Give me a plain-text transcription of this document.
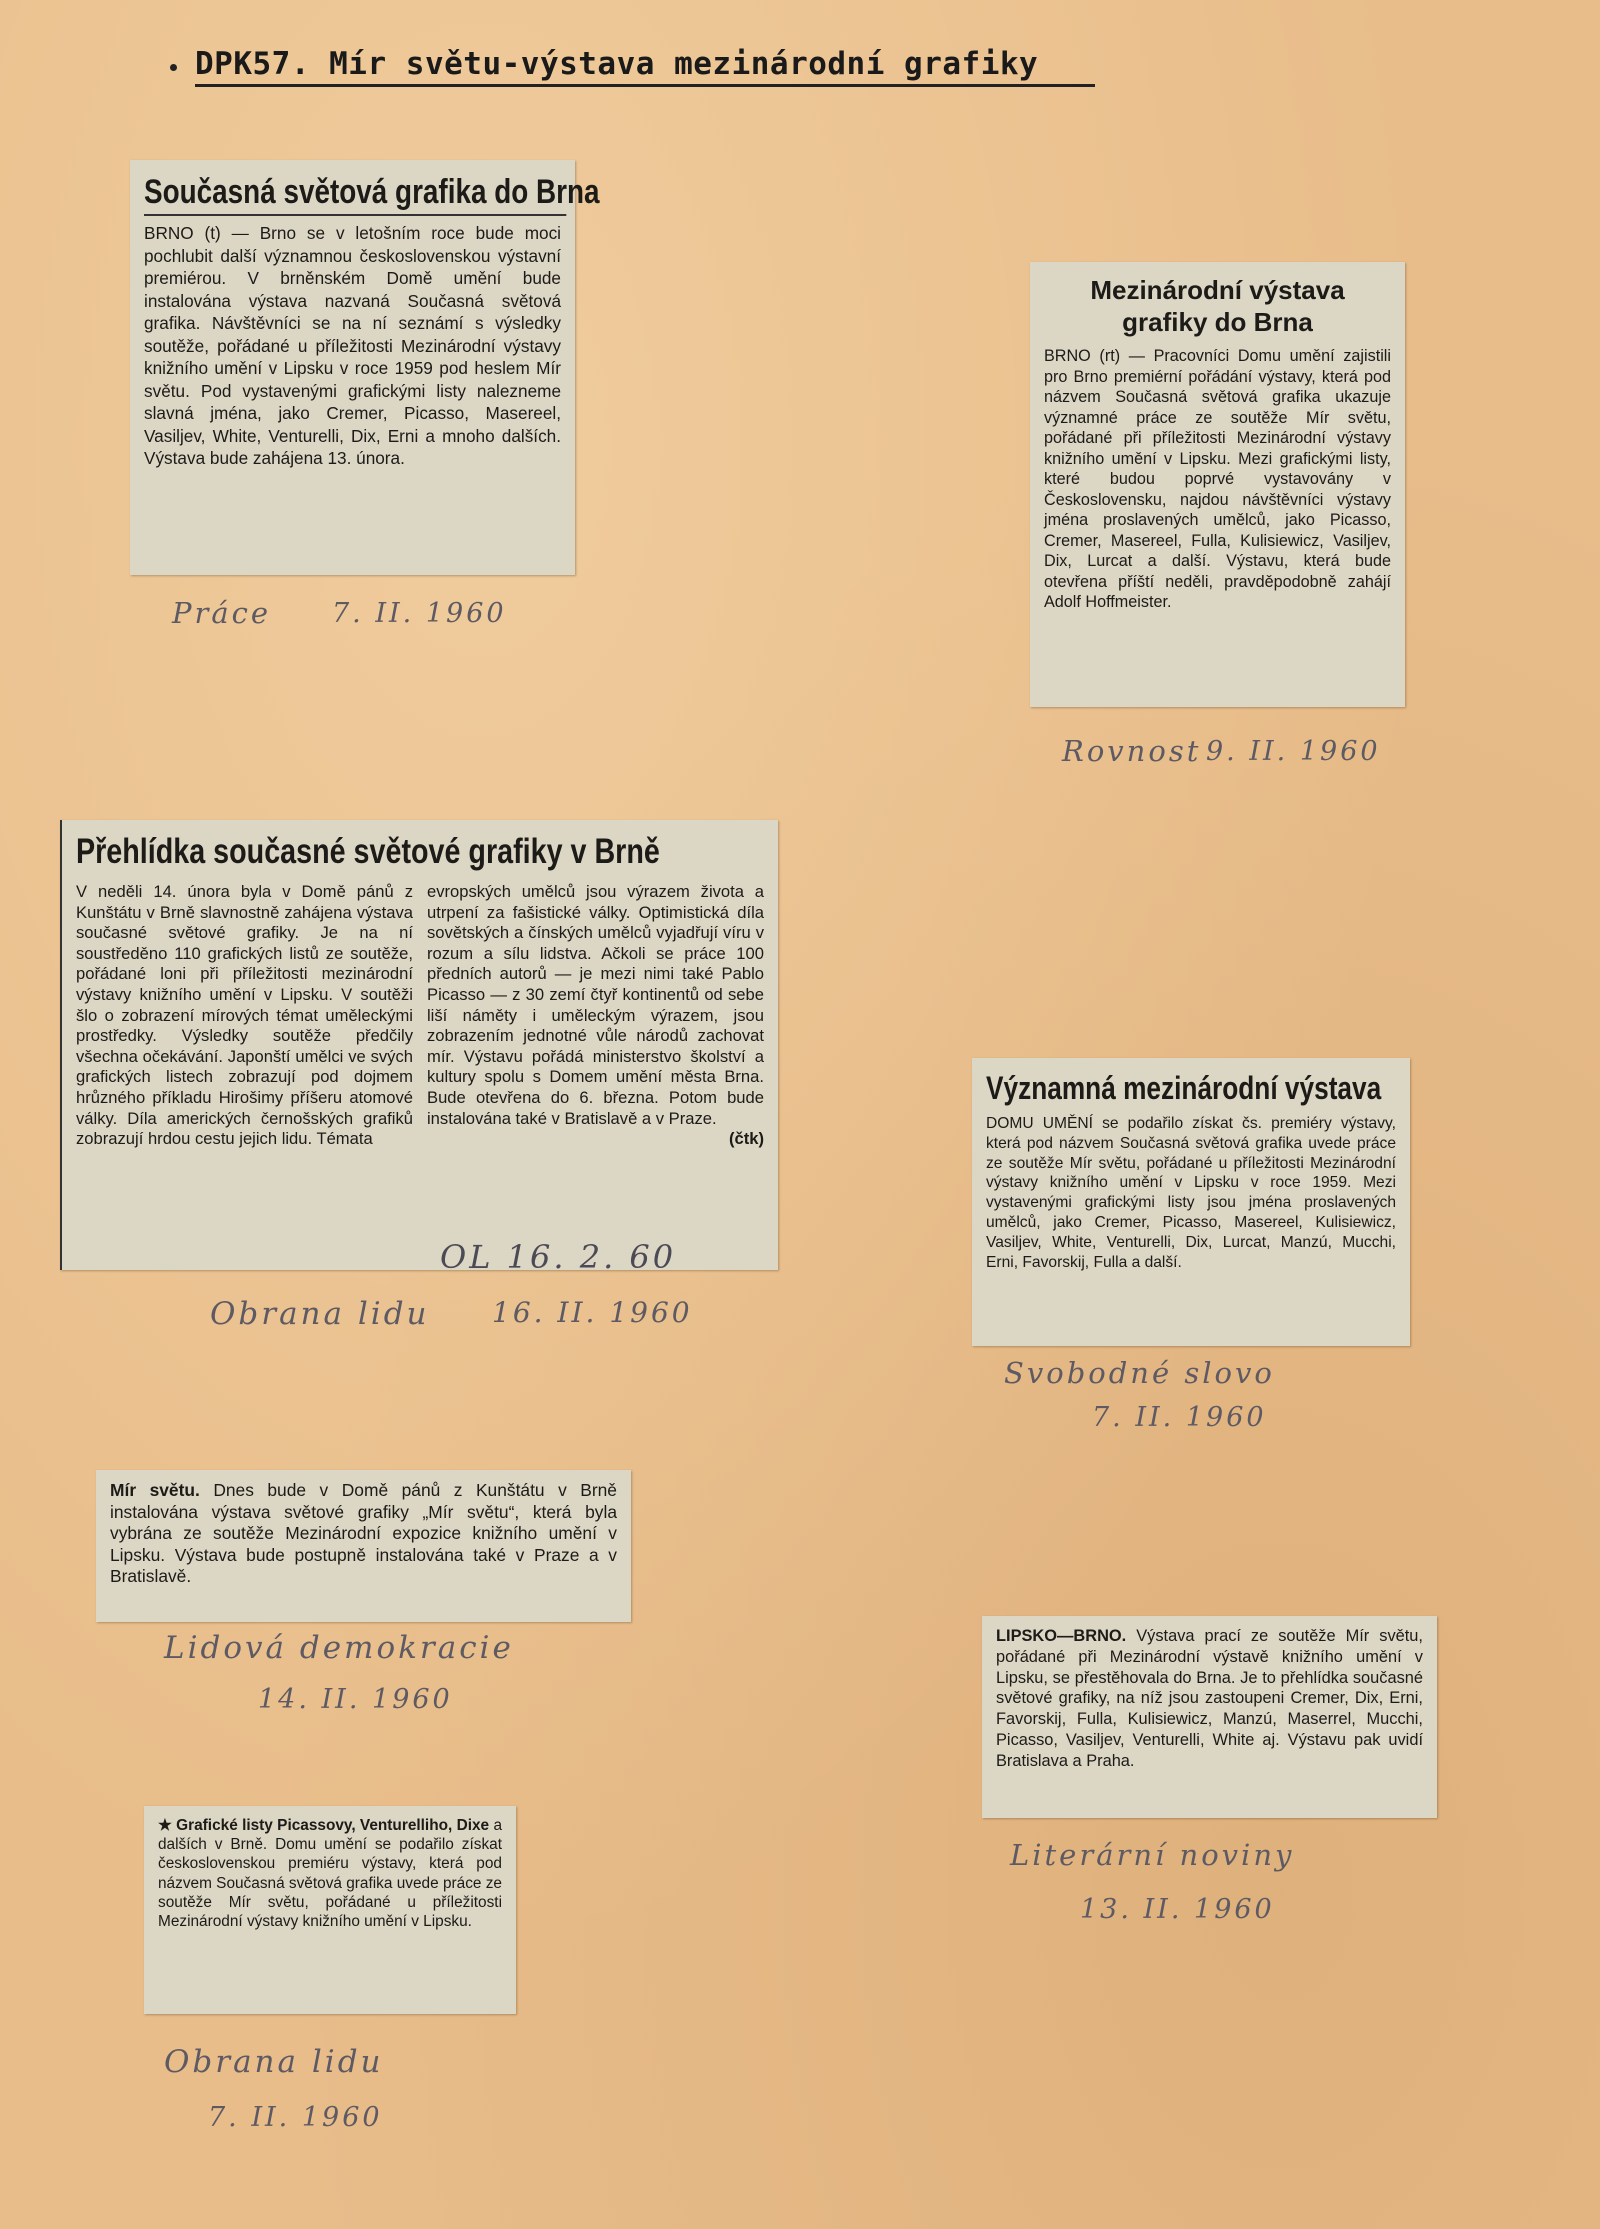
DPK57. Mír světu-výstava mezinárodní grafiky
Současná světová grafika do Brna

BRNO (t) — Brno se v letošním roce bude moci pochlubit další významnou československou výstavní premiérou. V brněnském Domě umění bude instalována výstava nazvaná Současná světová grafika. Návštěvníci se na ní seznámí s výsledky soutěže, pořádané u příležitosti Mezinárodní výstavy knižního umění v Lipsku v roce 1959 pod heslem Mír světu. Pod vystavenými grafickými listy nalezneme slavná jména, jako Cremer, Picasso, Masereel, Vasiljev, White, Venturelli, Dix, Erni a mnoho dalších. Výstava bude zahájena 13. února.

Práce 7. II. 1960
Mezinárodní výstava grafiky do Brna

BRNO (rt) — Pracovníci Domu umění zajistili pro Brno premiérní pořádání výstavy, která pod názvem Současná světová grafika ukazuje významné práce ze soutěže Mír světu, pořádané při příležitosti Mezinárodní výstavy knižního umění v Lipsku. Mezi grafickými listy, které budou poprvé vystavovány v Československu, najdou návštěvníci výstavy jména proslavených umělců, jako Picasso, Cremer, Masereel, Fulla, Kulisiewicz, Vasiljev, Dix, Lurcat a další. Výstavu, která bude otevřena příští neděli, pravděpodobně zahájí Adolf Hoffmeister.

Rovnost 9. II. 1960
Přehlídka současné světové grafiky v Brně

V neděli 14. února byla v Domě pánů z Kunštátu v Brně slavnostně zahájena výstava současné světové grafiky. Je na ní soustředěno 110 grafických listů ze soutěže, pořádané loni při příležitosti mezinárodní výstavy knižního umění v Lipsku. V soutěži šlo o zobrazení mírových témat uměleckými prostředky. Výsledky soutěže předčily všechna očekávání. Japonští umělci ve svých grafických listech zobrazují pod dojmem hrůzného příkladu Hirošimy příšeru atomové války. Díla amerických černošských grafiků zobrazují hrdou cestu jejich lidu. Témata

evropských umělců jsou výrazem života a utrpení za fašistické války. Optimistická díla sovětských a čínských umělců vyjadřují víru v rozum a sílu lidstva. Ačkoli se práce 100 předních autorů — je mezi nimi také Pablo Picasso — z 30 zemí čtyř kontinentů od sebe liší náměty i uměleckým výrazem, jsou zobrazením jednotné vůle národů zachovat mír. Výstavu pořádá ministerstvo školství a kultury spolu s Domem umění města Brna. Bude otevřena do 6. března. Potom bude instalována také v Bratislavě a v Praze.

(čtk)
OL 16. 2. 60
Obrana lidu 16. II. 1960
Významná mezinárodní výstava

DOMU UMĚNÍ se podařilo získat čs. premiéry výstavy, která pod názvem Současná světová grafika uvede práce ze soutěže Mír světu, pořádané u příležitosti Mezinárodní výstavy knižního umění v Lipsku v roce 1959. Mezi vystavenými grafickými listy jsou jména proslavených umělců, jako Cremer, Picasso, Masereel, Kulisiewicz, Vasiljev, White, Venturelli, Dix, Lurcat, Manzú, Mucchi, Erni, Favorskij, Fulla a další.

Svobodné slovo
7. II. 1960

Mír světu. Dnes bude v Domě pánů z Kunštátu v Brně instalována výstava světové grafiky „Mír světu“, která byla vybrána ze soutěže Mezinárodní expozice knižního umění v Lipsku. Výstava bude postupně instalována také v Praze a v Bratislavě.

Lidová demokracie
14. II. 1960

LIPSKO—BRNO. Výstava prací ze soutěže Mír světu, pořádané při Mezinárodní výstavě knižního umění v Lipsku, se přestěhovala do Brna. Je to přehlídka současné světové grafiky, na níž jsou zastoupeni Cremer, Dix, Erni, Favorskij, Fulla, Kulisiewicz, Manzú, Maserrel, Mucchi, Picasso, Vasiljev, Venturelli, White aj. Výstavu pak uvidí Bratislava a Praha.

Literární noviny
13. II. 1960

★ Grafické listy Picassovy, Venturelliho, Dixe a dalších v Brně. Domu umění se podařilo získat československou premiéru výstavy, která pod názvem Současná světová grafika uvede práce ze soutěže Mír světu, pořádané u příležitosti Mezinárodní výstavy knižního umění v Lipsku.

Obrana lidu
7. II. 1960
